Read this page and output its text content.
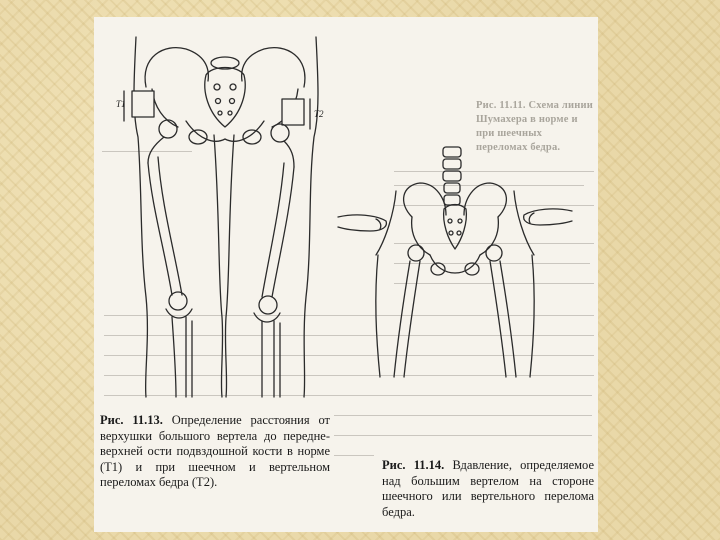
Рис. 11.11. Схема линии Шумахера в норме и при шеечных переломах бедра.
T1
T2
Рис. 11.13. Определение расстояния от верхушки большого вертела до передне-верхней ости подвздошной кости в норме (T1) и при шеечном и вертельном переломах бедра (T2).
Рис. 11.14. Вдавление, определяемое над большим вертелом на стороне шеечного или вертельного перелома бедра.
